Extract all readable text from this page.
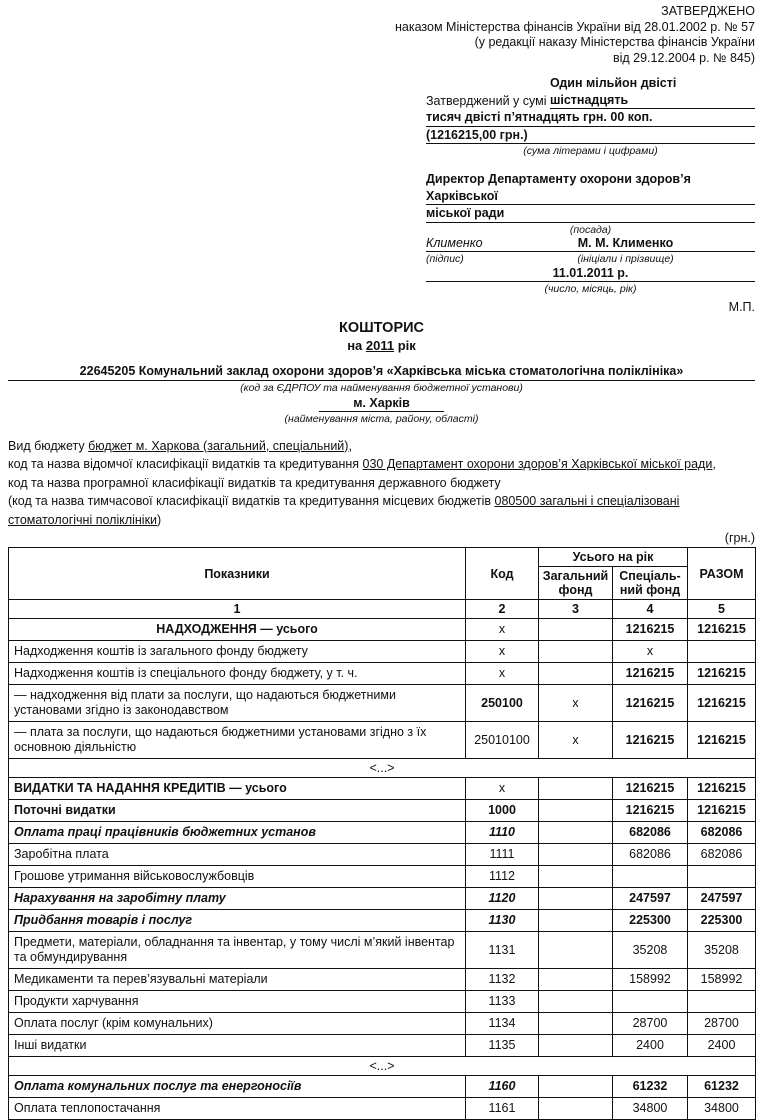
ЗАТВЕРДЖЕНО
наказом Міністерства фінансів України від 28.01.2002 р. № 57
(у редакції наказу Міністерства фінансів України
від 29.12.2004 р. № 845)
Затверджений у сумі
Один мільйон двісті шістнадцять
тисяч двісті п’ятнадцять грн. 00 коп.
(1216215,00 грн.)
(сума літерами і цифрами)
Директор Департаменту охорони здоров’я Харківської
міської ради
(посада)
Клименко	М. М. Клименко
(підпис)	(ініціали і прізвище)
11.01.2011 р.
(число, місяць, рік)
М.П.
КОШТОРИС
на 2011 рік
22645205 Комунальний заклад охорони здоров’я «Харківська міська стоматологічна поліклініка»
(код за ЄДРПОУ та найменування бюджетної установи)
м. Харків
(найменування міста, району, області)
Вид бюджету бюджет м. Харкова (загальний, спеціальний),
код та назва відомчої класифікації видатків та кредитування 030 Департамент охорони здоров’я Харківської міської ради,
код та назва програмної класифікації видатків та кредитування державного бюджету
(код та назва тимчасової класифікації видатків та кредитування місцевих бюджетів 080500 загальні і спеціалізовані стоматологічні поліклініки)
(грн.)
Показники	Код	Усього на рік		РАЗОМ
		Загальний фонд	Спеціаль-ний фонд	
1	2	3	4	5
НАДХОДЖЕННЯ — усього	х		1216215	1216215
Надходження коштів із загального фонду бюджету	х		х	
Надходження коштів із спеціального фонду бюджету, у т. ч.	х		1216215	1216215
— надходження від плати за послуги, що надаються бюджетними установами згідно із законодавством	250100	х	1216215	1216215
— плата за послуги, що надаються бюджетними установами згідно з їх основною діяльністю	25010100	х	1216215	1216215
<...>				
ВИДАТКИ ТА НАДАННЯ КРЕДИТІВ — усього	х		1216215	1216215
Поточні видатки	1000		1216215	1216215
Оплата праці працівників бюджетних установ	1110		682086	682086
Заробітна плата	1111		682086	682086
Грошове утримання військовослужбовців	1112			
Нарахування на заробітну плату	1120		247597	247597
Придбання товарів і послуг	1130		225300	225300
Предмети, матеріали, обладнання та інвентар, у тому числі м’який інвентар та обмундирування	1131		35208	35208
Медикаменти та перев’язувальні матеріали	1132		158992	158992
Продукти харчування	1133			
Оплата послуг (крім комунальних)	1134		28700	28700
Інші видатки	1135		2400	2400
<...>				
Оплата комунальних послуг та енергоносіїв	1160		61232	61232
Оплата теплопостачання	1161		34800	34800
